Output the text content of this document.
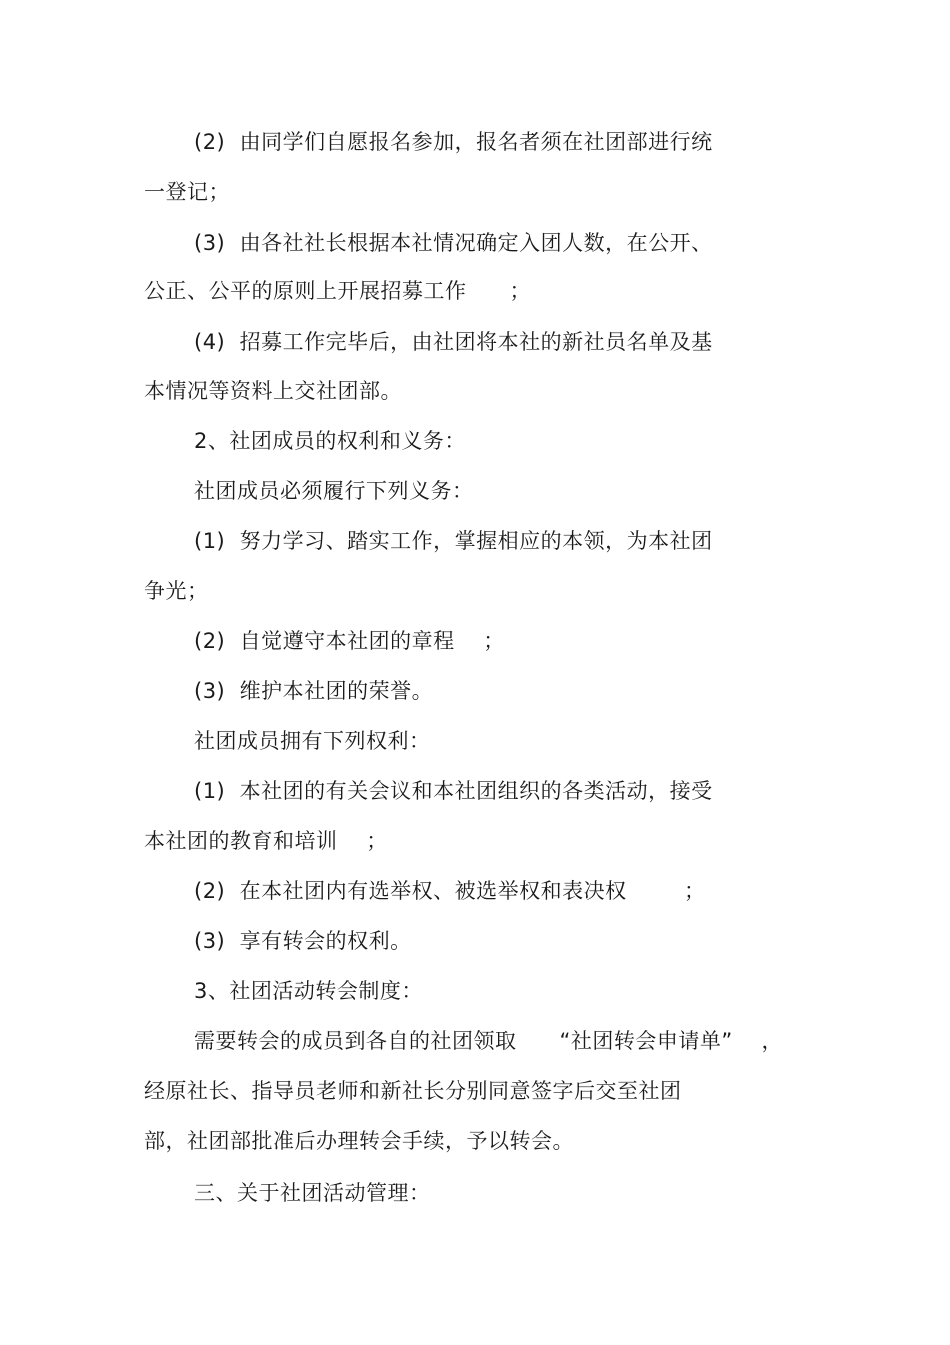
(2)  由同学们自愿报名参加，报名者须在社团部进行统
一登记；
(3)  由各社社长根据本社情况确定入团人数，在公开、
公正、公平的原则上开展招募工作      ；
(4)  招募工作完毕后，由社团将本社的新社员名单及基
本情况等资料上交社团部。
2、社团成员的权利和义务：
社团成员必须履行下列义务：
(1)  努力学习、踏实工作，掌握相应的本领，为本社团
争光；
(2)  自觉遵守本社团的章程    ；
(3)  维护本社团的荣誉。
社团成员拥有下列权利：
(1)  本社团的有关会议和本社团组织的各类活动，接受
本社团的教育和培训    ；
(2)  在本社团内有选举权、被选举权和表决权        ；
(3)  享有转会的权利。
3、社团活动转会制度：
需要转会的成员到各自的社团领取      “社团转会申请单”    ，
经原社长、指导员老师和新社长分别同意签字后交至社团
部，社团部批准后办理转会手续，予以转会。
三、关于社团活动管理：
